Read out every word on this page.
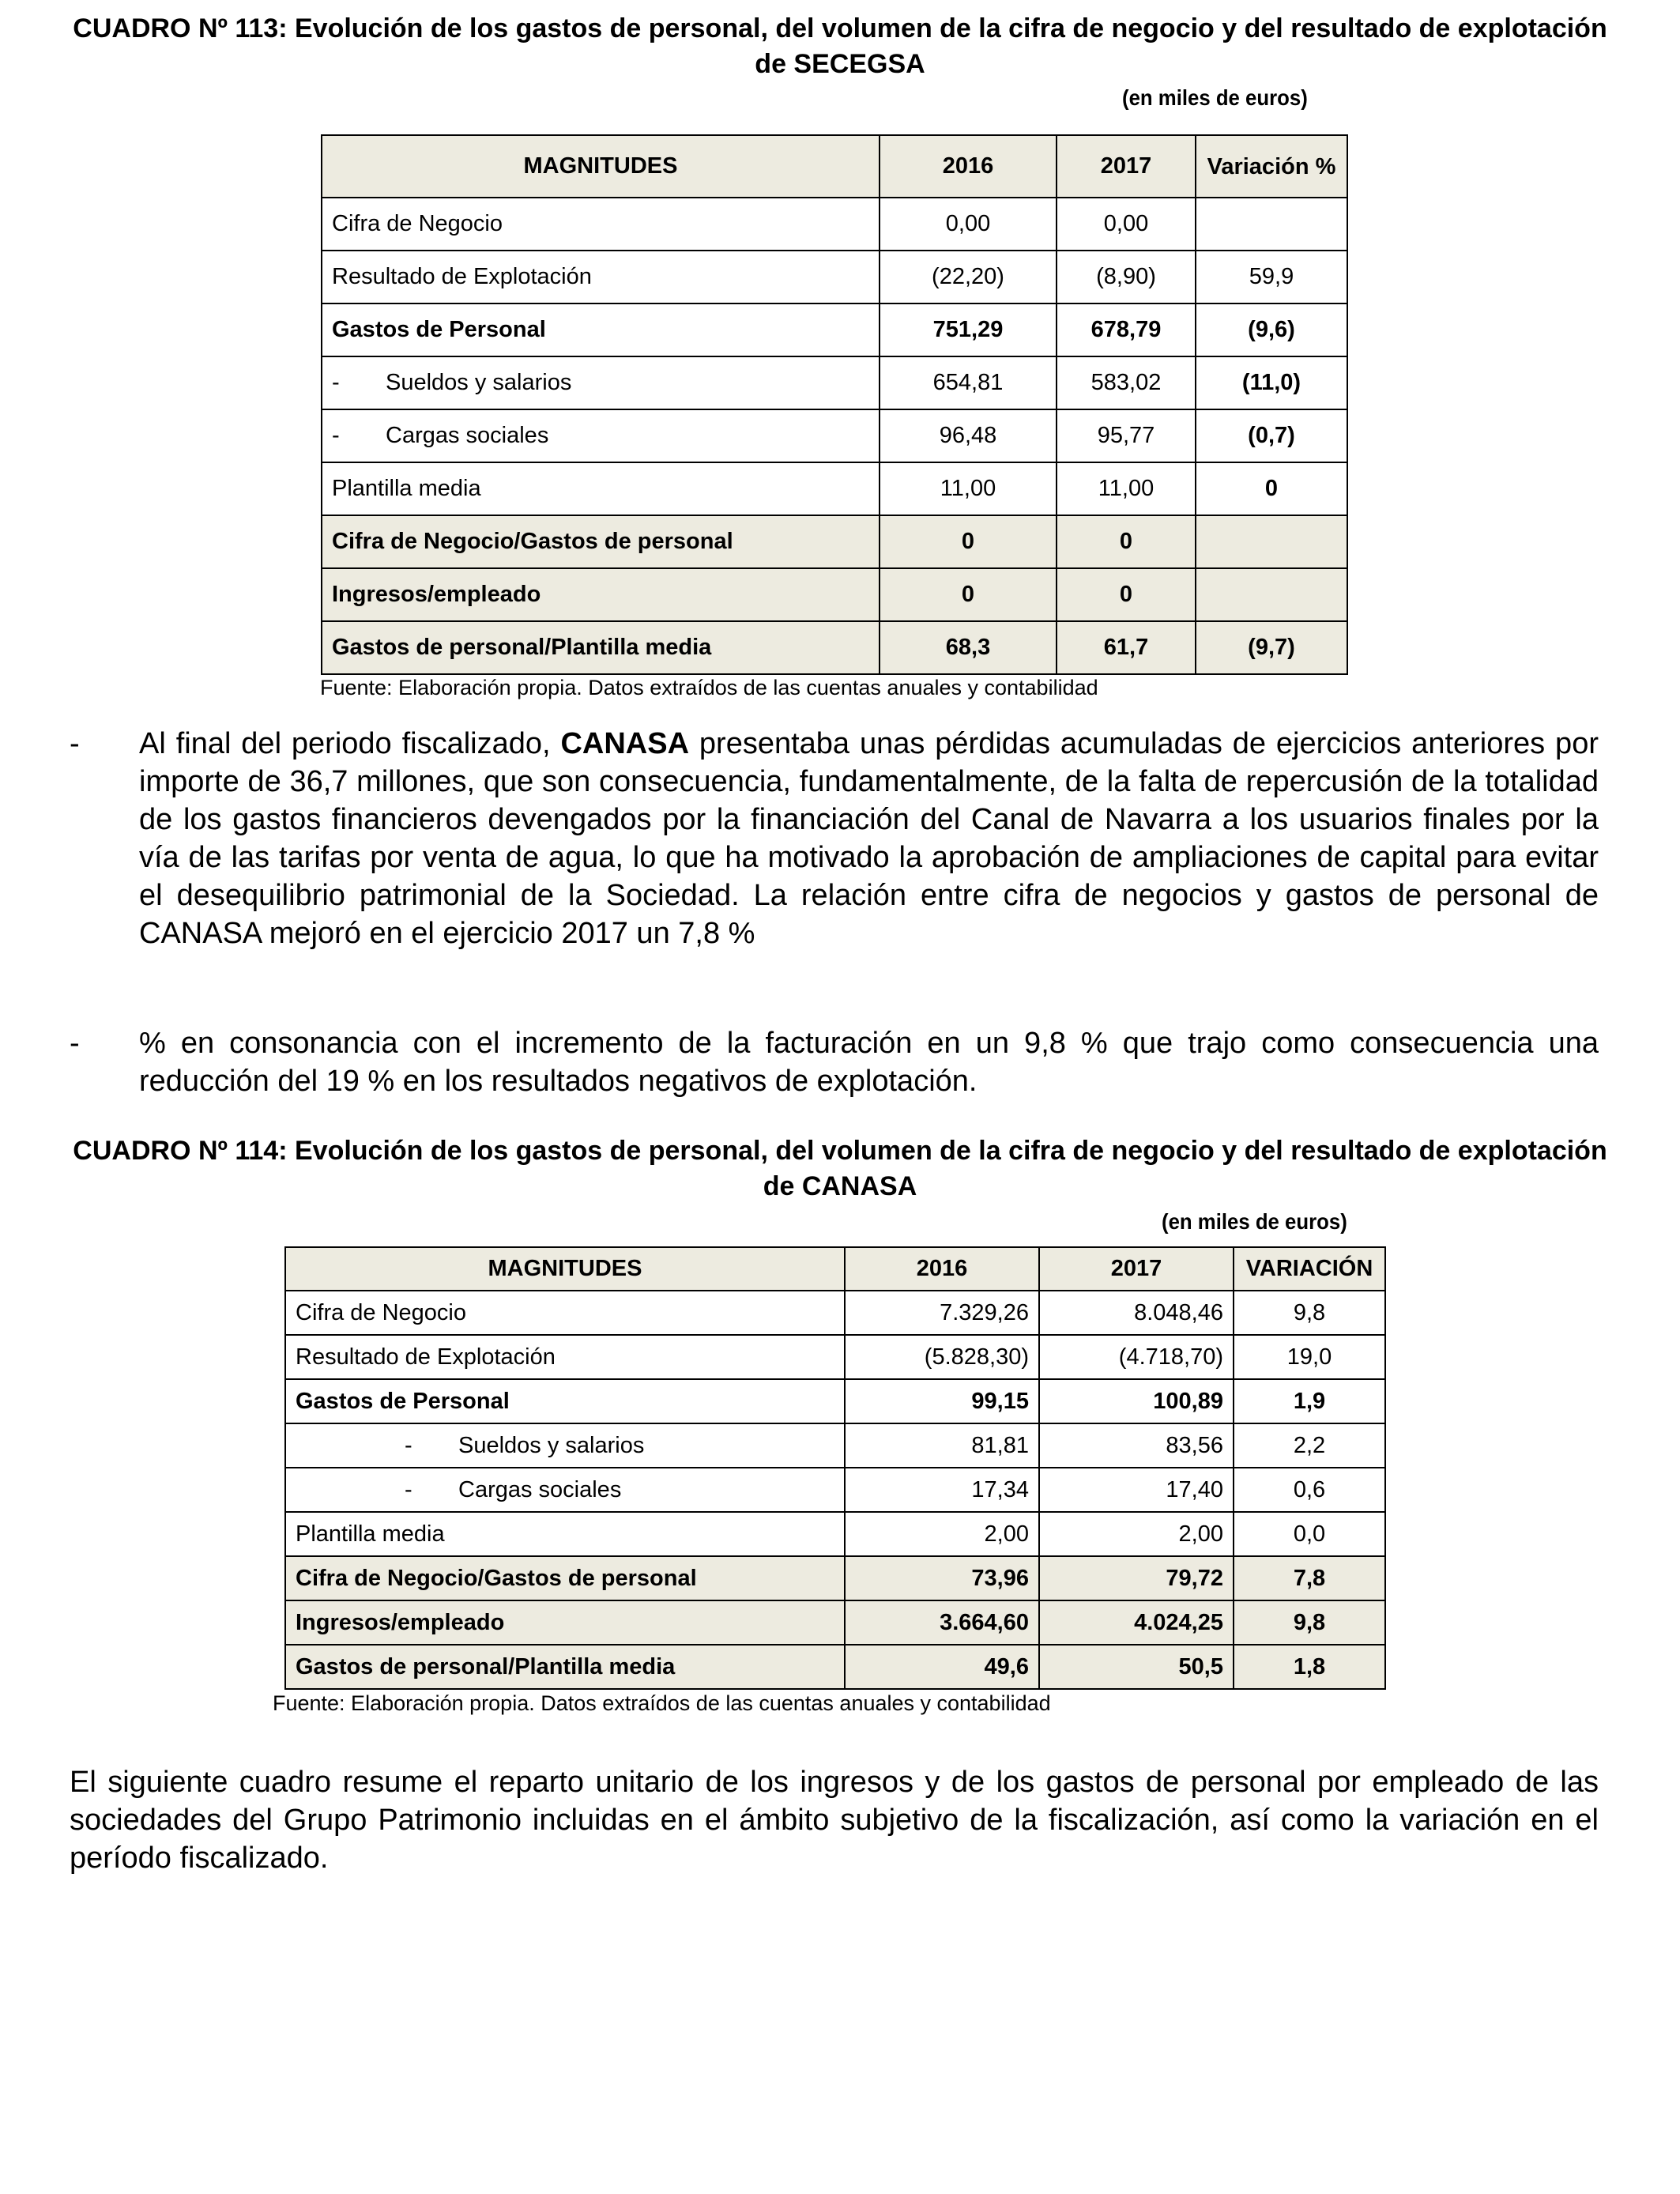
CUADRO Nº 113: Evolución de los gastos de personal, del volumen de la cifra de negocio y del resultado de explotación de SECEGSA
(en miles de euros)
MAGNITUDES	2016	2017	Variación %
Cifra de Negocio	0,00	0,00	
Resultado de Explotación	(22,20)	(8,90)	59,9
Gastos de Personal	751,29	678,79	(9,6)
- Sueldos y salarios	654,81	583,02	(11,0)
- Cargas sociales	96,48	95,77	(0,7)
Plantilla media	11,00	11,00	0
Cifra de Negocio/Gastos de personal	0	0	
Ingresos/empleado	0	0	
Gastos de personal/Plantilla media	68,3	61,7	(9,7)
Fuente: Elaboración propia. Datos extraídos de las cuentas anuales y contabilidad
- Al final del periodo fiscalizado, CANASA presentaba unas pérdidas acumuladas de ejercicios anteriores por importe de 36,7 millones, que son consecuencia, fundamentalmente, de la falta de repercusión de la totalidad de los gastos financieros devengados por la financiación del Canal de Navarra a los usuarios finales por la vía de las tarifas por venta de agua, lo que ha motivado la aprobación de ampliaciones de capital para evitar el desequilibrio patrimonial de la Sociedad. La relación entre cifra de negocios y gastos de personal de CANASA mejoró en el ejercicio 2017 un 7,8 %
- % en consonancia con el incremento de la facturación en un 9,8 % que trajo como consecuencia una reducción del 19 % en los resultados negativos de explotación.
CUADRO Nº 114: Evolución de los gastos de personal, del volumen de la cifra de negocio y del resultado de explotación de CANASA
(en miles de euros)
MAGNITUDES	2016	2017	VARIACIÓN
Cifra de Negocio	7.329,26	8.048,46	9,8
Resultado de Explotación	(5.828,30)	(4.718,70)	19,0
Gastos de Personal	99,15	100,89	1,9
- Sueldos y salarios	81,81	83,56	2,2
- Cargas sociales	17,34	17,40	0,6
Plantilla media	2,00	2,00	0,0
Cifra de Negocio/Gastos de personal	73,96	79,72	7,8
Ingresos/empleado	3.664,60	4.024,25	9,8
Gastos de personal/Plantilla media	49,6	50,5	1,8
Fuente: Elaboración propia. Datos extraídos de las cuentas anuales y contabilidad
El siguiente cuadro resume el reparto unitario de los ingresos y de los gastos de personal por empleado de las sociedades del Grupo Patrimonio incluidas en el ámbito subjetivo de la fiscalización, así como la variación en el período fiscalizado.
